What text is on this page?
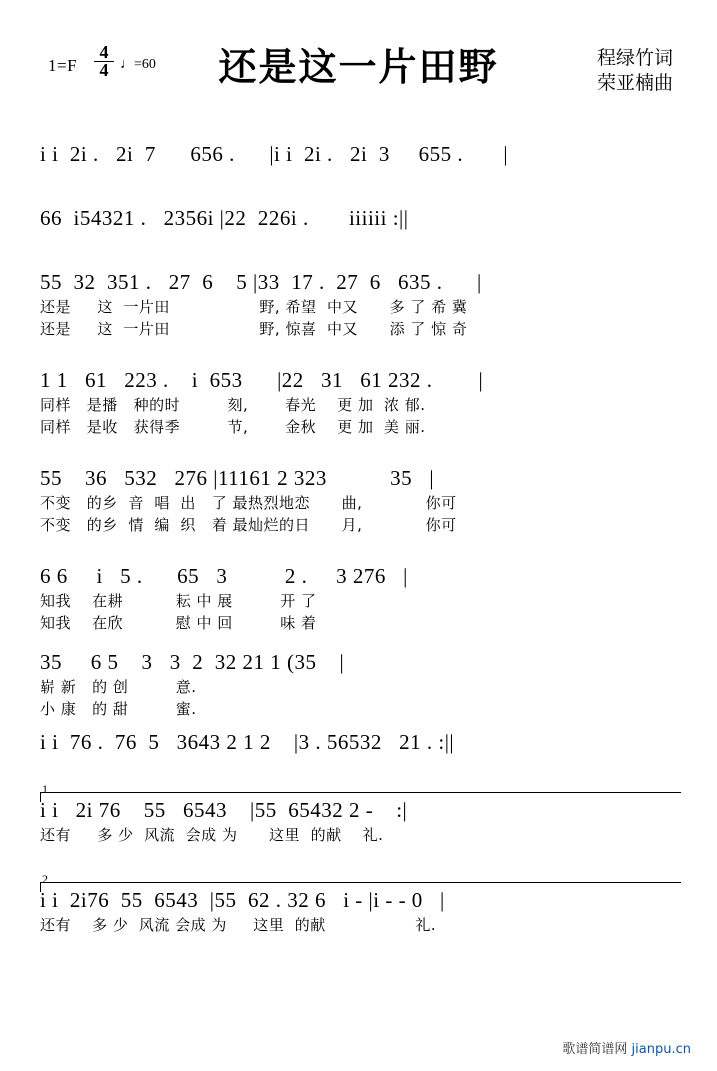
$1=F \frac{4}{4}$ ♩=60	还是这一片田野	程绿竹词
荣亚楠曲
i i  2i .   2i  7      656 .      |i i  2i .   2i  3     655 .       |
66  i54321 .   2356i |22  226i .       iiiiii :||
55  32  351 .   27  6    5 |33  17 .  27  6   635 .      |
还是     这  一片田                 野, 希望  中又      多 了 希 冀
还是     这  一片田                 野, 惊喜  中又      添 了 惊 奇
1 1   61   223 .    i  653      |22   31   61 232 .        |
同样   是播   种的时         刻,       春光    更 加  浓 郁.
同样   是收   获得季         节,       金秋    更 加  美 丽.
55    36   532   276 |11161 2 323           35   |
不变   的乡  音  唱  出   了 最热烈地恋      曲,            你可
不变   的乡  情  编  织   着 最灿烂的日      月,            你可
6 6     i   5 .      65   3          2 .     3 276   |
知我    在耕          耘 中 展         开 了
知我    在欣          慰 中 回         味 着
35     6 5    3   3  2  32 21 1 (35    |
崭 新   的 创         意.
小 康   的 甜         蜜.
i i  76 .  76  5   3643 2 1 2    |3 . 56532   21 . :||
1
i i   2i 76    55   6543    |55  65432 2 -    :|
还有     多 少  风流  会成 为      这里  的献    礼.
2
i i  2i76  55  6543  |55  62 . 32 6   i - |i - - 0   |
还有    多 少  风流 会成 为     这里  的献                 礼.
歌谱简谱网 jianpu.cn
